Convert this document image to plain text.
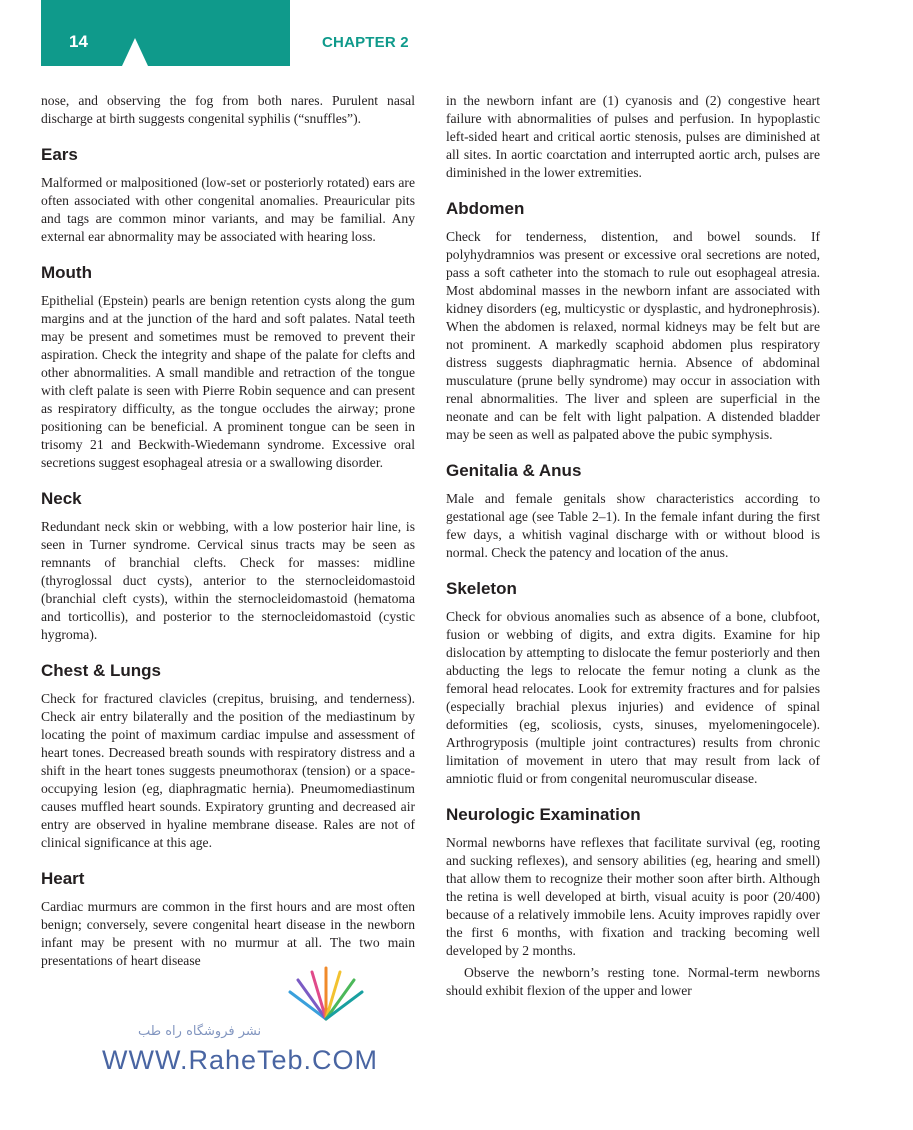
14	CHAPTER 2

nose, and observing the fog from both nares. Purulent nasal discharge at birth suggests congenital syphilis (“snuffles”).

Ears

Malformed or malpositioned (low-set or posteriorly rotated) ears are often associated with other congenital anomalies. Preauricular pits and tags are common minor variants, and may be familial. Any external ear abnormality may be associated with hearing loss.

Mouth

Epithelial (Epstein) pearls are benign retention cysts along the gum margins and at the junction of the hard and soft palates. Natal teeth may be present and sometimes must be removed to prevent their aspiration. Check the integrity and shape of the palate for clefts and other abnormalities. A small mandible and retraction of the tongue with cleft palate is seen with Pierre Robin sequence and can present as respiratory difficulty, as the tongue occludes the airway; prone positioning can be beneficial. A prominent tongue can be seen in trisomy 21 and Beckwith-Wiedemann syndrome. Excessive oral secretions suggest esophageal atresia or a swallowing disorder.

Neck

Redundant neck skin or webbing, with a low posterior hair line, is seen in Turner syndrome. Cervical sinus tracts may be seen as remnants of branchial clefts. Check for masses: midline (thyroglossal duct cysts), anterior to the sternocleidomastoid (branchial cleft cysts), within the sternocleidomastoid (hematoma and torticollis), and posterior to the sternocleidomastoid (cystic hygroma).

Chest & Lungs

Check for fractured clavicles (crepitus, bruising, and tenderness). Check air entry bilaterally and the position of the mediastinum by locating the point of maximum cardiac impulse and assessment of heart tones. Decreased breath sounds with respiratory distress and a shift in the heart tones suggests pneumothorax (tension) or a space-occupying lesion (eg, diaphragmatic hernia). Pneumomediastinum causes muffled heart sounds. Expiratory grunting and decreased air entry are observed in hyaline membrane disease. Rales are not of clinical significance at this age.

Heart

Cardiac murmurs are common in the first hours and are most often benign; conversely, severe congenital heart disease in the newborn infant may be present with no murmur at all. The two main presentations of heart disease

in the newborn infant are (1) cyanosis and (2) congestive heart failure with abnormalities of pulses and perfusion. In hypoplastic left-sided heart and critical aortic stenosis, pulses are diminished at all sites. In aortic coarctation and interrupted aortic arch, pulses are diminished in the lower extremities.

Abdomen

Check for tenderness, distention, and bowel sounds. If polyhydramnios was present or excessive oral secretions are noted, pass a soft catheter into the stomach to rule out esophageal atresia. Most abdominal masses in the newborn infant are associated with kidney disorders (eg, multicystic or dysplastic, and hydronephrosis). When the abdomen is relaxed, normal kidneys may be felt but are not prominent. A markedly scaphoid abdomen plus respiratory distress suggests diaphragmatic hernia. Absence of abdominal musculature (prune belly syndrome) may occur in association with renal abnormalities. The liver and spleen are superficial in the neonate and can be felt with light palpation. A distended bladder may be seen as well as palpated above the pubic symphysis.

Genitalia & Anus

Male and female genitals show characteristics according to gestational age (see Table 2–1). In the female infant during the first few days, a whitish vaginal discharge with or without blood is normal. Check the patency and location of the anus.

Skeleton

Check for obvious anomalies such as absence of a bone, clubfoot, fusion or webbing of digits, and extra digits. Examine for hip dislocation by attempting to dislocate the femur posteriorly and then abducting the legs to relocate the femur noting a clunk as the femoral head relocates. Look for extremity fractures and for palsies (especially brachial plexus injuries) and evidence of spinal deformities (eg, scoliosis, cysts, sinuses, myelomeningocele). Arthrogryposis (multiple joint contractures) results from chronic limitation of movement in utero that may result from lack of amniotic fluid or from congenital neuromuscular disease.

Neurologic Examination

Normal newborns have reflexes that facilitate survival (eg, rooting and sucking reflexes), and sensory abilities (eg, hearing and smell) that allow them to recognize their mother soon after birth. Although the retina is well developed at birth, visual acuity is poor (20/400) because of a relatively immobile lens. Acuity improves rapidly over the first 6 months, with fixation and tracking becoming well developed by 2 months.

Observe the newborn’s resting tone. Normal-term newborns should exhibit flexion of the upper and lower

نشر فروشگاه راه طب
WWW.RaheTeb.COM
